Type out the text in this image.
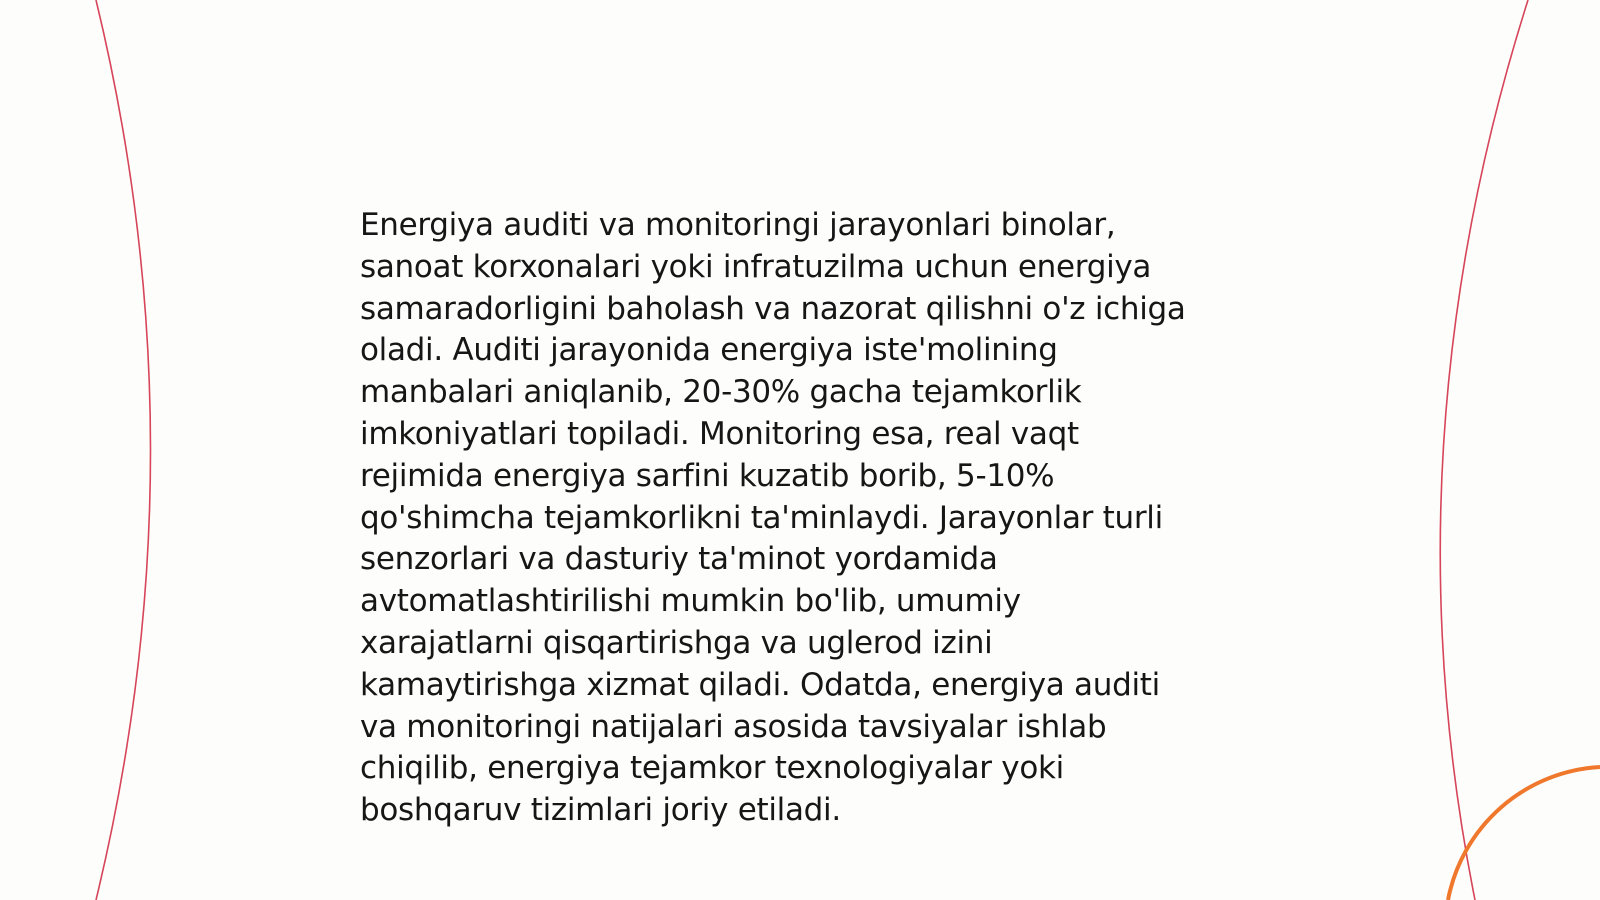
Energiya auditi va monitoringi jarayonlari binolar,
sanoat korxonalari yoki infratuzilma uchun energiya
samaradorligini baholash va nazorat qilishni o'z ichiga
oladi. Auditi jarayonida energiya iste'molining
manbalari aniqlanib, 20-30% gacha tejamkorlik
imkoniyatlari topiladi. Monitoring esa, real vaqt
rejimida energiya sarfini kuzatib borib, 5-10%
qo'shimcha tejamkorlikni ta'minlaydi. Jarayonlar turli
senzorlari va dasturiy ta'minot yordamida
avtomatlashtirilishi mumkin bo'lib, umumiy
xarajatlarni qisqartirishga va uglerod izini
kamaytirishga xizmat qiladi. Odatda, energiya auditi
va monitoringi natijalari asosida tavsiyalar ishlab
chiqilib, energiya tejamkor texnologiyalar yoki
boshqaruv tizimlari joriy etiladi.
